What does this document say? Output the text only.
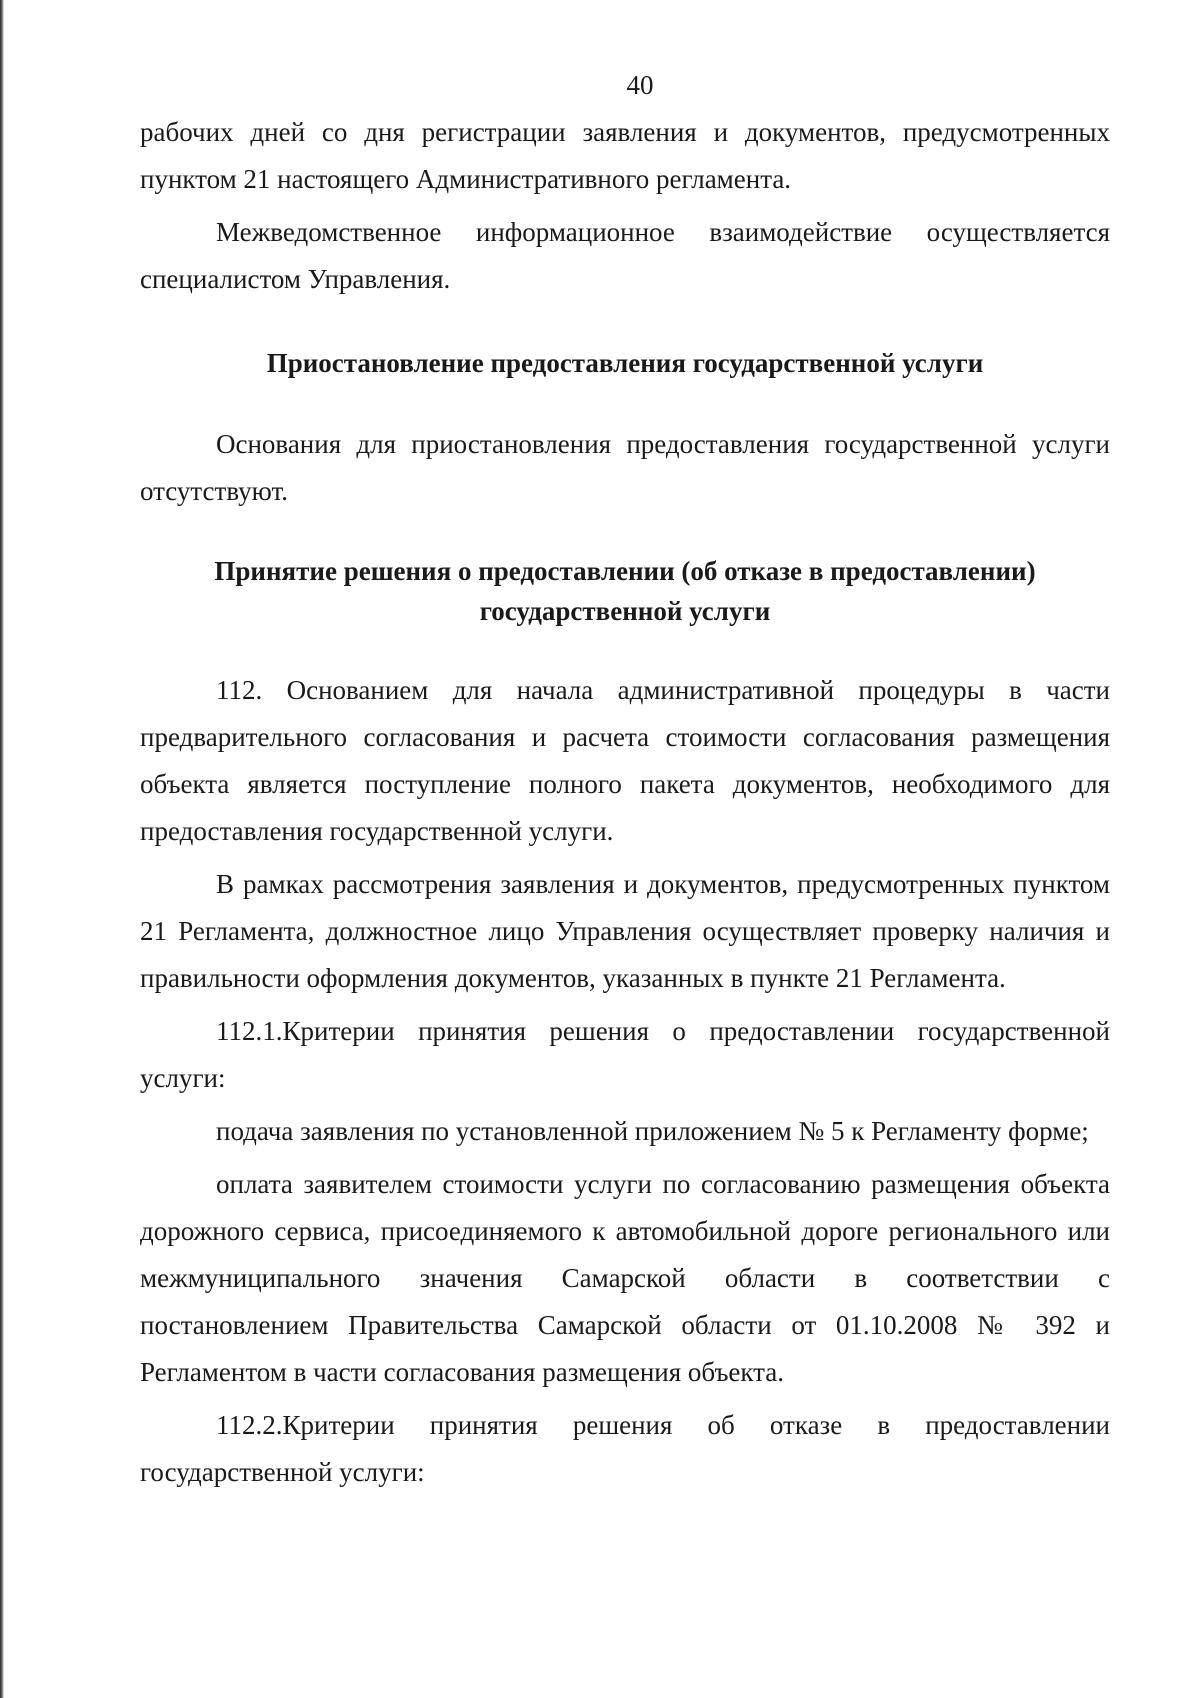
40

рабочих дней со дня регистрации заявления и документов, предусмотренных пунктом 21 настоящего Административного регламента.

Межведомственное информационное взаимодействие осуществляется специалистом Управления.

Приостановление предоставления государственной услуги

Основания для приостановления предоставления государственной услуги отсутствуют.

Принятие решения о предоставлении (об отказе в предоставлении)
государственной услуги

112. Основанием для начала административной процедуры в части предварительного согласования и расчета стоимости согласования размещения объекта является поступление полного пакета документов, необходимого для предоставления государственной услуги.

В рамках рассмотрения заявления и документов, предусмотренных пунктом 21 Регламента, должностное лицо Управления осуществляет проверку наличия и правильности оформления документов, указанных в пункте 21 Регламента.

112.1.Критерии принятия решения о предоставлении государственной услуги:

подача заявления по установленной приложением № 5 к Регламенту форме;

оплата заявителем стоимости услуги по согласованию размещения объекта дорожного сервиса, присоединяемого к автомобильной дороге регионального или межмуниципального значения Самарской области в соответствии с постановлением Правительства Самарской области от 01.10.2008 № 392 и Регламентом в части согласования размещения объекта.

112.2.Критерии принятия решения об отказе в предоставлении государственной услуги:
